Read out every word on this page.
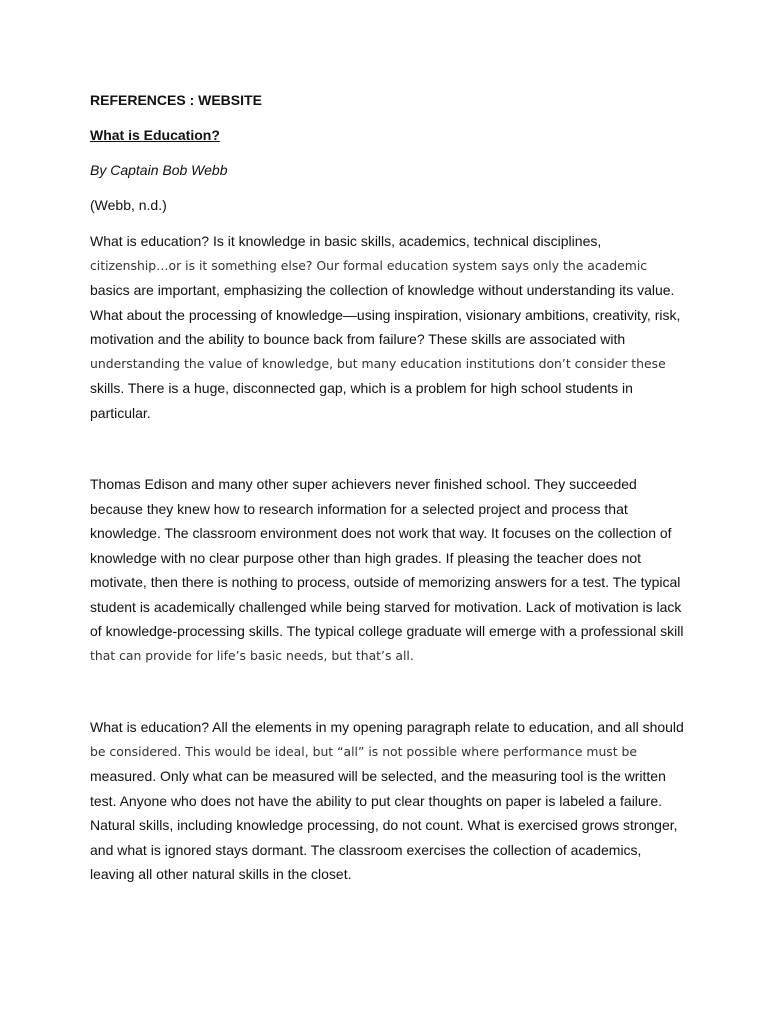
REFERENCES : WEBSITE
What is Education?
By Captain Bob Webb
(Webb, n.d.)
What is education? Is it knowledge in basic skills, academics, technical disciplines,
citizenship…or is it something else? Our formal education system says only the academic
basics are important, emphasizing the collection of knowledge without understanding its value.
What about the processing of knowledge—using inspiration, visionary ambitions, creativity, risk,
motivation and the ability to bounce back from failure? These skills are associated with
understanding the value of knowledge, but many education institutions don’t consider these
skills. There is a huge, disconnected gap, which is a problem for high school students in
particular.
Thomas Edison and many other super achievers never finished school. They succeeded
because they knew how to research information for a selected project and process that
knowledge. The classroom environment does not work that way. It focuses on the collection of
knowledge with no clear purpose other than high grades. If pleasing the teacher does not
motivate, then there is nothing to process, outside of memorizing answers for a test. The typical
student is academically challenged while being starved for motivation. Lack of motivation is lack
of knowledge-processing skills. The typical college graduate will emerge with a professional skill
that can provide for life’s basic needs, but that’s all.
What is education? All the elements in my opening paragraph relate to education, and all should
be considered. This would be ideal, but “all” is not possible where performance must be
measured. Only what can be measured will be selected, and the measuring tool is the written
test. Anyone who does not have the ability to put clear thoughts on paper is labeled a failure.
Natural skills, including knowledge processing, do not count. What is exercised grows stronger,
and what is ignored stays dormant. The classroom exercises the collection of academics,
leaving all other natural skills in the closet.
